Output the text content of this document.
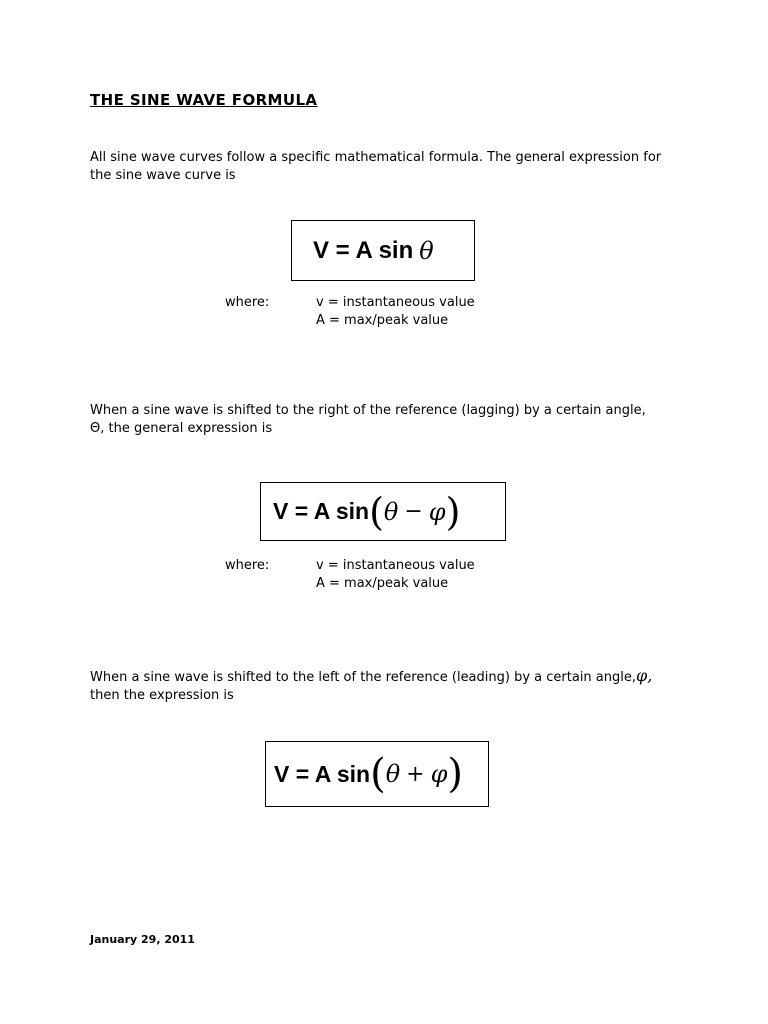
THE SINE WAVE FORMULA
All sine wave curves follow a specific mathematical formula. The general expression for
the sine wave curve is
V = A sin θ
where:	v = instantaneous value
A = max/peak value
When a sine wave is shifted to the right of the reference (lagging) by a certain angle,
Θ, the general expression is
V = A sin ( θ − φ )
where:	v = instantaneous value
A = max/peak value
When a sine wave is shifted to the left of the reference (leading) by a certain angle,φ,
then the expression is
V = A sin ( θ + φ )
January 29, 2011
